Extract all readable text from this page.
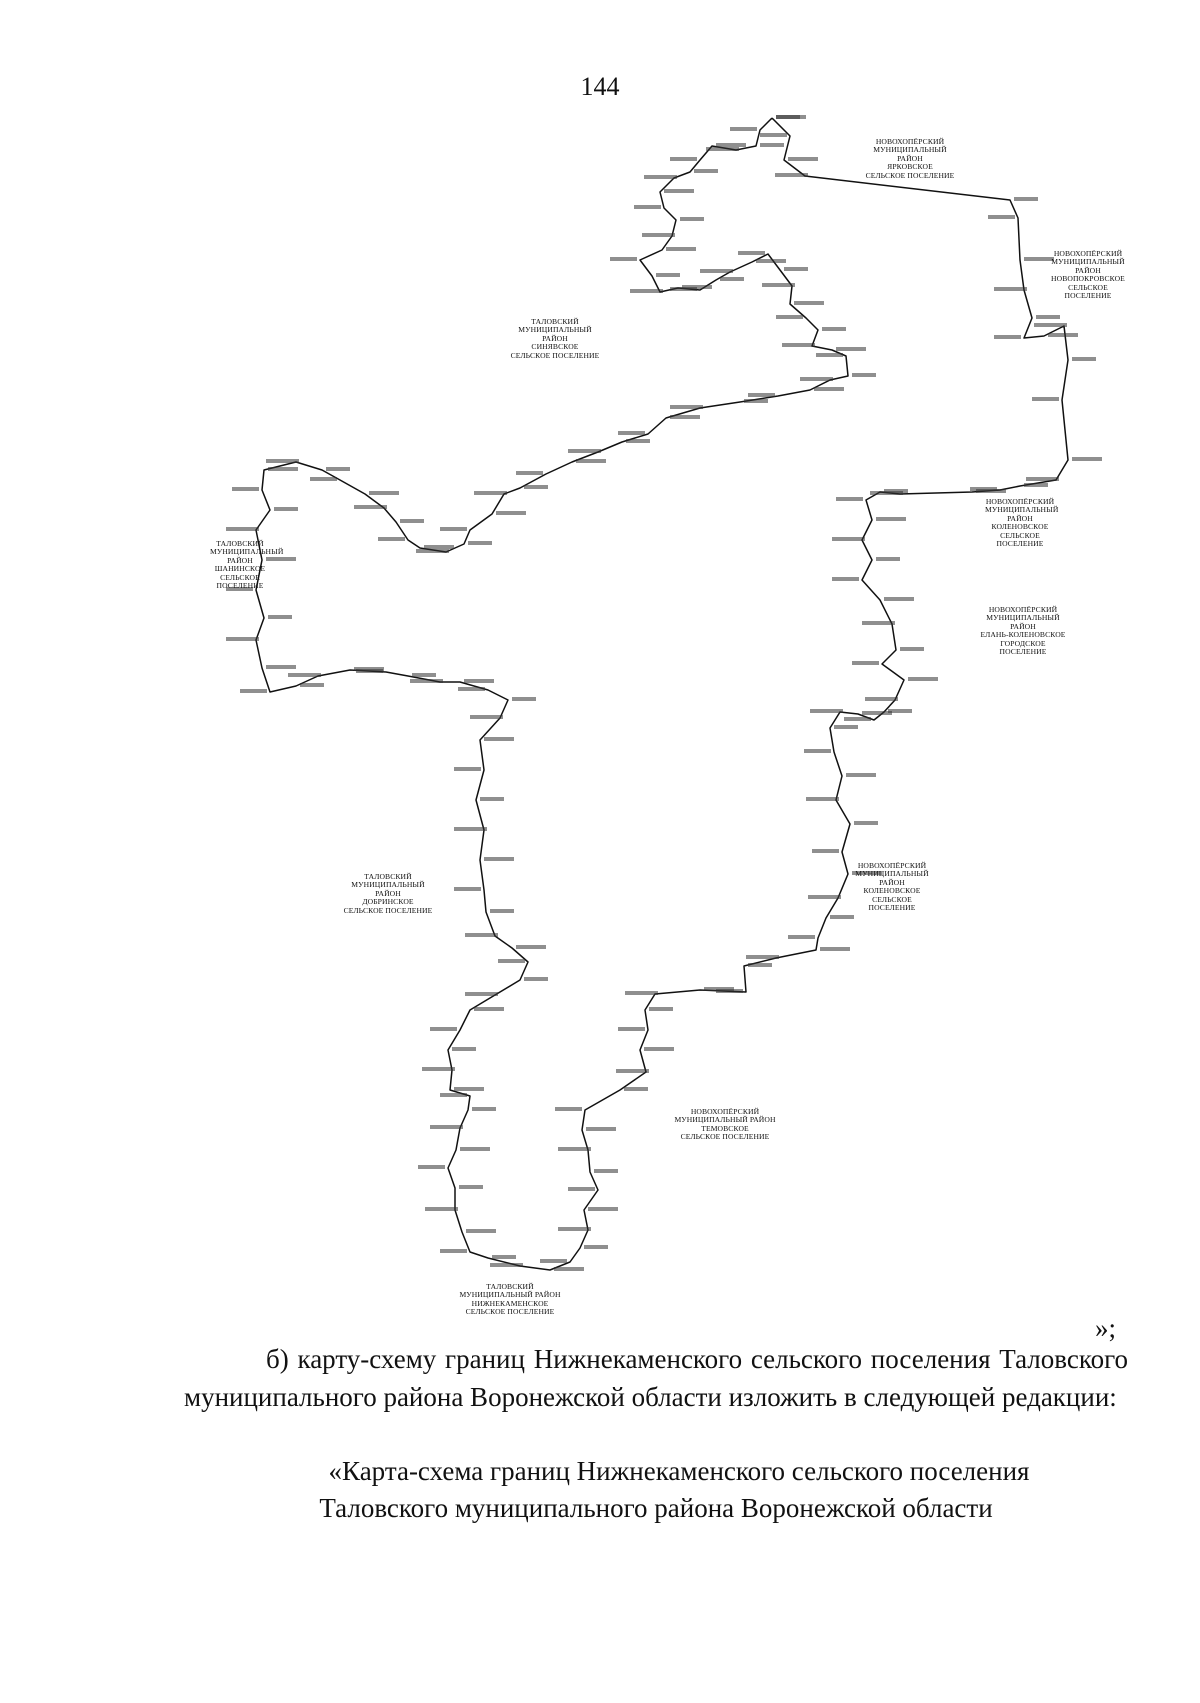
144
НОВОХОПЁРСКИЙ
МУНИЦИПАЛЬНЫЙ РАЙОН
ЯРКОВСКОЕ
СЕЛЬСКОЕ ПОСЕЛЕНИЕ
НОВОХОПЁРСКИЙ
МУНИЦИПАЛЬНЫЙ
РАЙОН
НОВОПОКРОВСКОЕ
СЕЛЬСКОЕ
ПОСЕЛЕНИЕ
ТАЛОВСКИЙ
МУНИЦИПАЛЬНЫЙ РАЙОН
СИНЯВСКОЕ
СЕЛЬСКОЕ ПОСЕЛЕНИЕ
НОВОХОПЁРСКИЙ
МУНИЦИПАЛЬНЫЙ
РАЙОН
КОЛЕНОВСКОЕ
СЕЛЬСКОЕ
ПОСЕЛЕНИЕ
ТАЛОВСКИЙ
МУНИЦИПАЛЬНЫЙ
РАЙОН
ШАНИНСКОЕ
СЕЛЬСКОЕ
ПОСЕЛЕНИЕ
НОВОХОПЁРСКИЙ
МУНИЦИПАЛЬНЫЙ
РАЙОН
ЕЛАНЬ-КОЛЕНОВСКОЕ
ГОРОДСКОЕ
ПОСЕЛЕНИЕ
ТАЛОВСКИЙ
МУНИЦИПАЛЬНЫЙ РАЙОН
ДОБРИНСКОЕ
СЕЛЬСКОЕ ПОСЕЛЕНИЕ
НОВОХОПЁРСКИЙ
МУНИЦИПАЛЬНЫЙ
РАЙОН
КОЛЕНОВСКОЕ
СЕЛЬСКОЕ
ПОСЕЛЕНИЕ
НОВОХОПЁРСКИЙ
МУНИЦИПАЛЬНЫЙ РАЙОН
ТЕМОВСКОЕ
СЕЛЬСКОЕ ПОСЕЛЕНИЕ
ТАЛОВСКИЙ
МУНИЦИПАЛЬНЫЙ РАЙОН
НИЖНЕКАМЕНСКОЕ
СЕЛЬСКОЕ ПОСЕЛЕНИЕ
»;

б) карту-схему границ Нижнекаменского сельского поселения Таловского муниципального района Воронежской области изложить в следующей редакции:

«Карта-схема границ Нижнекаменского сельского поселения
Таловского муниципального района Воронежской области
